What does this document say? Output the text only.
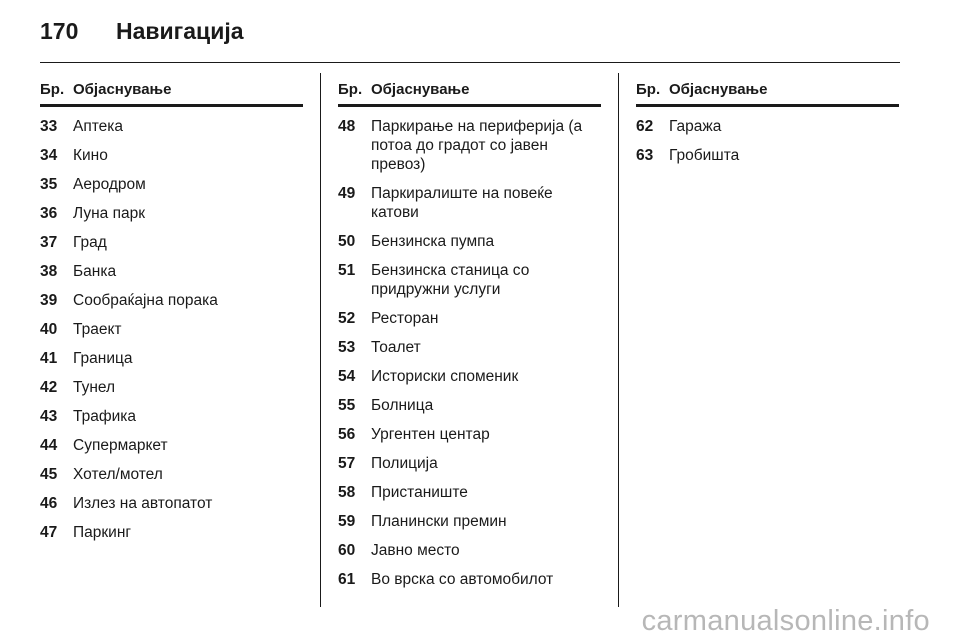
170 Навигација
Бр. Објаснување
33	Аптека
34	Кино
35	Аеродром
36	Луна парк
37	Град
38	Банка
39	Сообраќајна порака
40	Траект
41	Граница
42	Тунел
43	Трафика
44	Супермаркет
45	Хотел/мотел
46	Излез на автопатот
47	Паркинг
Бр. Објаснување
48	Паркирање на периферија (а потоа до градот со јавен превоз)
49	Паркиралиште на повеќе катови
50	Бензинска пумпа
51	Бензинска станица со придружни услуги
52	Ресторан
53	Тоалет
54	Историски споменик
55	Болница
56	Ургентен центар
57	Полиција
58	Пристаниште
59	Планински премин
60	Јавно место
61	Во врска со автомобилот
Бр. Објаснување
62	Гаража
63	Гробишта
carmanualsonline.info
